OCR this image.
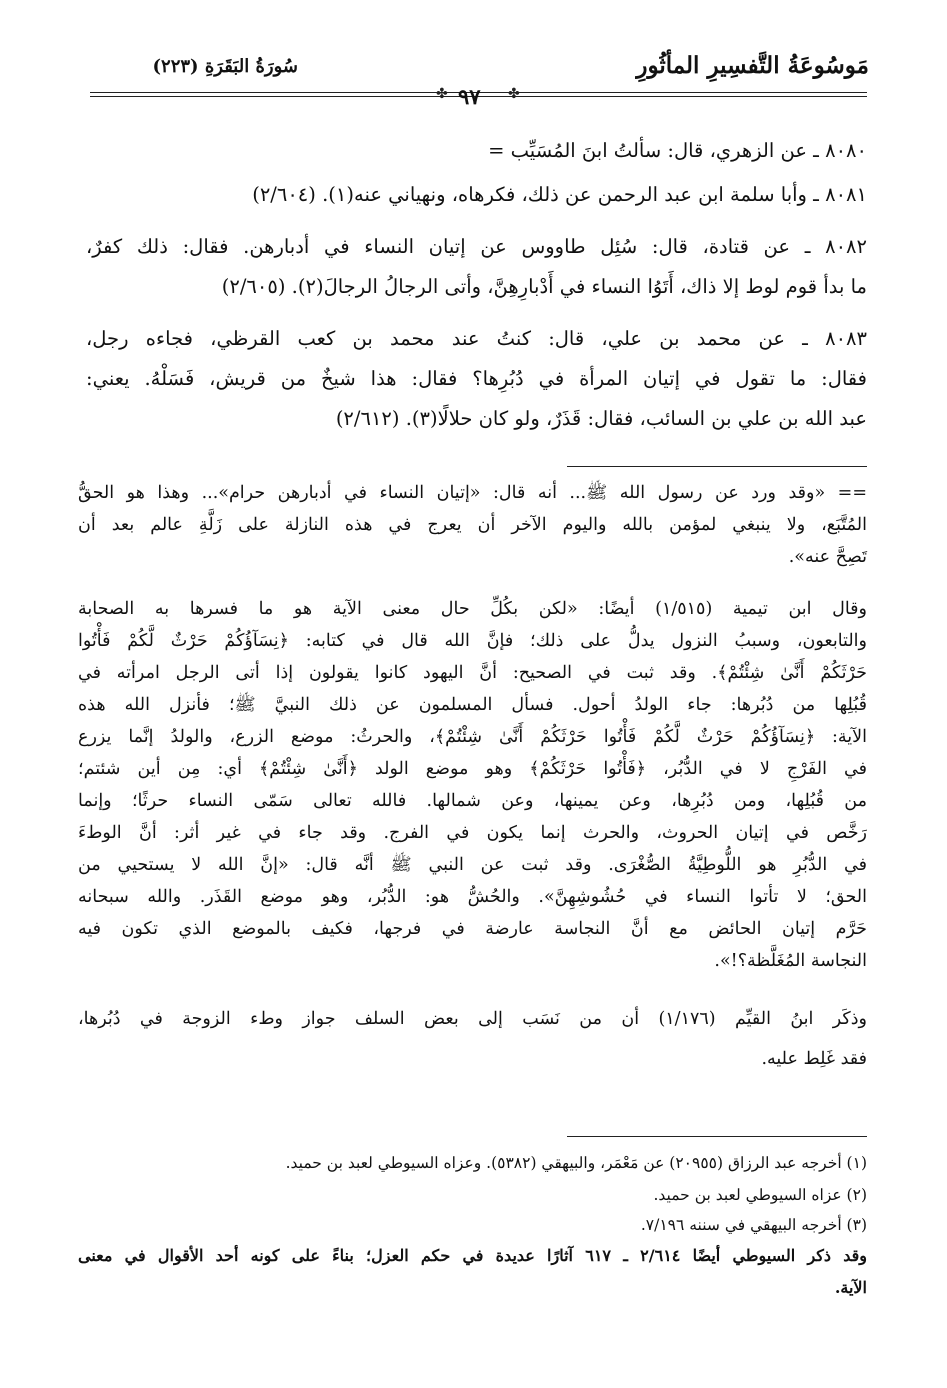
مَوسُوعَةُ التَّفسِيرِ المأثُورِ
سُورَةُ البَقَرَةِ (٢٢٣)
✤ ٩٧ ✤
٨٠٨٠ ـ عن الزهري، قال: سألتُ ابنَ المُسَيِّب =
٨٠٨١ ـ وأبا سلمة ابن عبد الرحمن عن ذلك، فكرهاه، ونهياني عنه(١). (٢/٦٠٤)
٨٠٨٢ ـ عن قتادة، قال: سُئِل طاووس عن إتيان النساء في أدبارهن. فقال: ذلك كفرٌ،
ما بدأ قوم لوط إلا ذاك، أَتَوُا النساء في أَدْبارِهِنَّ، وأتى الرجالُ الرجالَ(٢). (٢/٦٠٥)
٨٠٨٣ ـ عن محمد بن علي، قال: كنتُ عند محمد بن كعب القرظي، فجاءه رجل،
فقال: ما تقول في إتيان المرأة في دُبُرِها؟ فقال: هذا شيخٌ من قريش، فَسَلْهُ. يعني:
عبد الله بن علي بن السائب، فقال: قَذَرٌ، ولو كان حلالًا(٣). (٢/٦١٢)
== «وقد ورد عن رسول الله ﷺ... أنه قال: «إتيان النساء في أدبارهن حرام»... وهذا هو الحقُّ
المُتَّبَع، ولا ينبغي لمؤمن بالله واليوم الآخر أن يعرج في هذه النازلة على زَلَّةِ عالم بعد أن
تَصِحَّ عنه».
وقال ابن تيمية (١/٥١٥) أيضًا: «لكن بكُلِّ حال معنى الآية هو ما فسرها به الصحابة
والتابعون، وسببُ النزول يدلُّ على ذلك؛ فإنَّ الله قال في كتابه: ﴿نِسَآؤُكُمْ حَرْثٌ لَّكُمْ فَأْتُوا
حَرْثَكُمْ أَنَّىٰ شِئْتُمْ﴾. وقد ثبت في الصحيح: أنَّ اليهود كانوا يقولون إذا أتى الرجل امرأته في
قُبُلِها من دُبُرها: جاء الولدُ أحول. فسأل المسلمون عن ذلك النبيَّ ﷺ؛ فأنزل الله هذه
الآية: ﴿نِسَآؤُكُمْ حَرْثٌ لَّكُمْ فَأْتُوا حَرْثَكُمْ أَنَّىٰ شِئْتُمْ﴾، والحرثُ: موضع الزرع، والولدُ إنَّما يزرع
في الفَرْجِ لا في الدُّبُر، ﴿فَأْتُوا حَرْثَكُمْ﴾ وهو موضع الولد ﴿أَنَّىٰ شِئْتُمْ﴾ أي: مِن أين شئتم؛
من قُبُلِها، ومن دُبُرِها، وعن يمينها، وعن شمالها. فالله تعالى سَمّى النساء حرثًا؛ وإنما
رَخَّص في إتيان الحروث، والحرث إنما يكون في الفرج. وقد جاء في غير أثر: أنَّ الوطءَ
في الدُّبُرِ هو اللُّوطِيَّةُ الصُّغْرَى. وقد ثبت عن النبي ﷺ أنَّه قال: «إنَّ الله لا يستحيي من
الحق؛ لا تأتوا النساء في حُشُوشِهِنَّ». والحُشُّ هو: الدُّبُر، وهو موضع القَذَر. والله سبحانه
حَرَّم إتيان الحائض مع أنَّ النجاسة عارضة في فرجها، فكيف بالموضع الذي تكون فيه
النجاسة المُغَلَّظة؟!».
وذكَر ابنُ القيِّم (١/١٧٦) أن من نَسَب إلى بعض السلف جواز وطء الزوجة في دُبُرها،
فقد غَلِط عليه.
(١) أخرجه عبد الرزاق (٢٠٩٥٥) عن مَعْمَر، والبيهقي (٥٣٨٢). وعزاه السيوطي لعبد بن حميد.
(٢) عزاه السيوطي لعبد بن حميد.
(٣) أخرجه البيهقي في سننه ٧/١٩٦.
وقد ذكر السيوطي أيضًا ٢/٦١٤ ـ ٦١٧ آثارًا عديدة في حكم العزل؛ بناءً على كونه أحد الأقوال في معنى
الآية.
